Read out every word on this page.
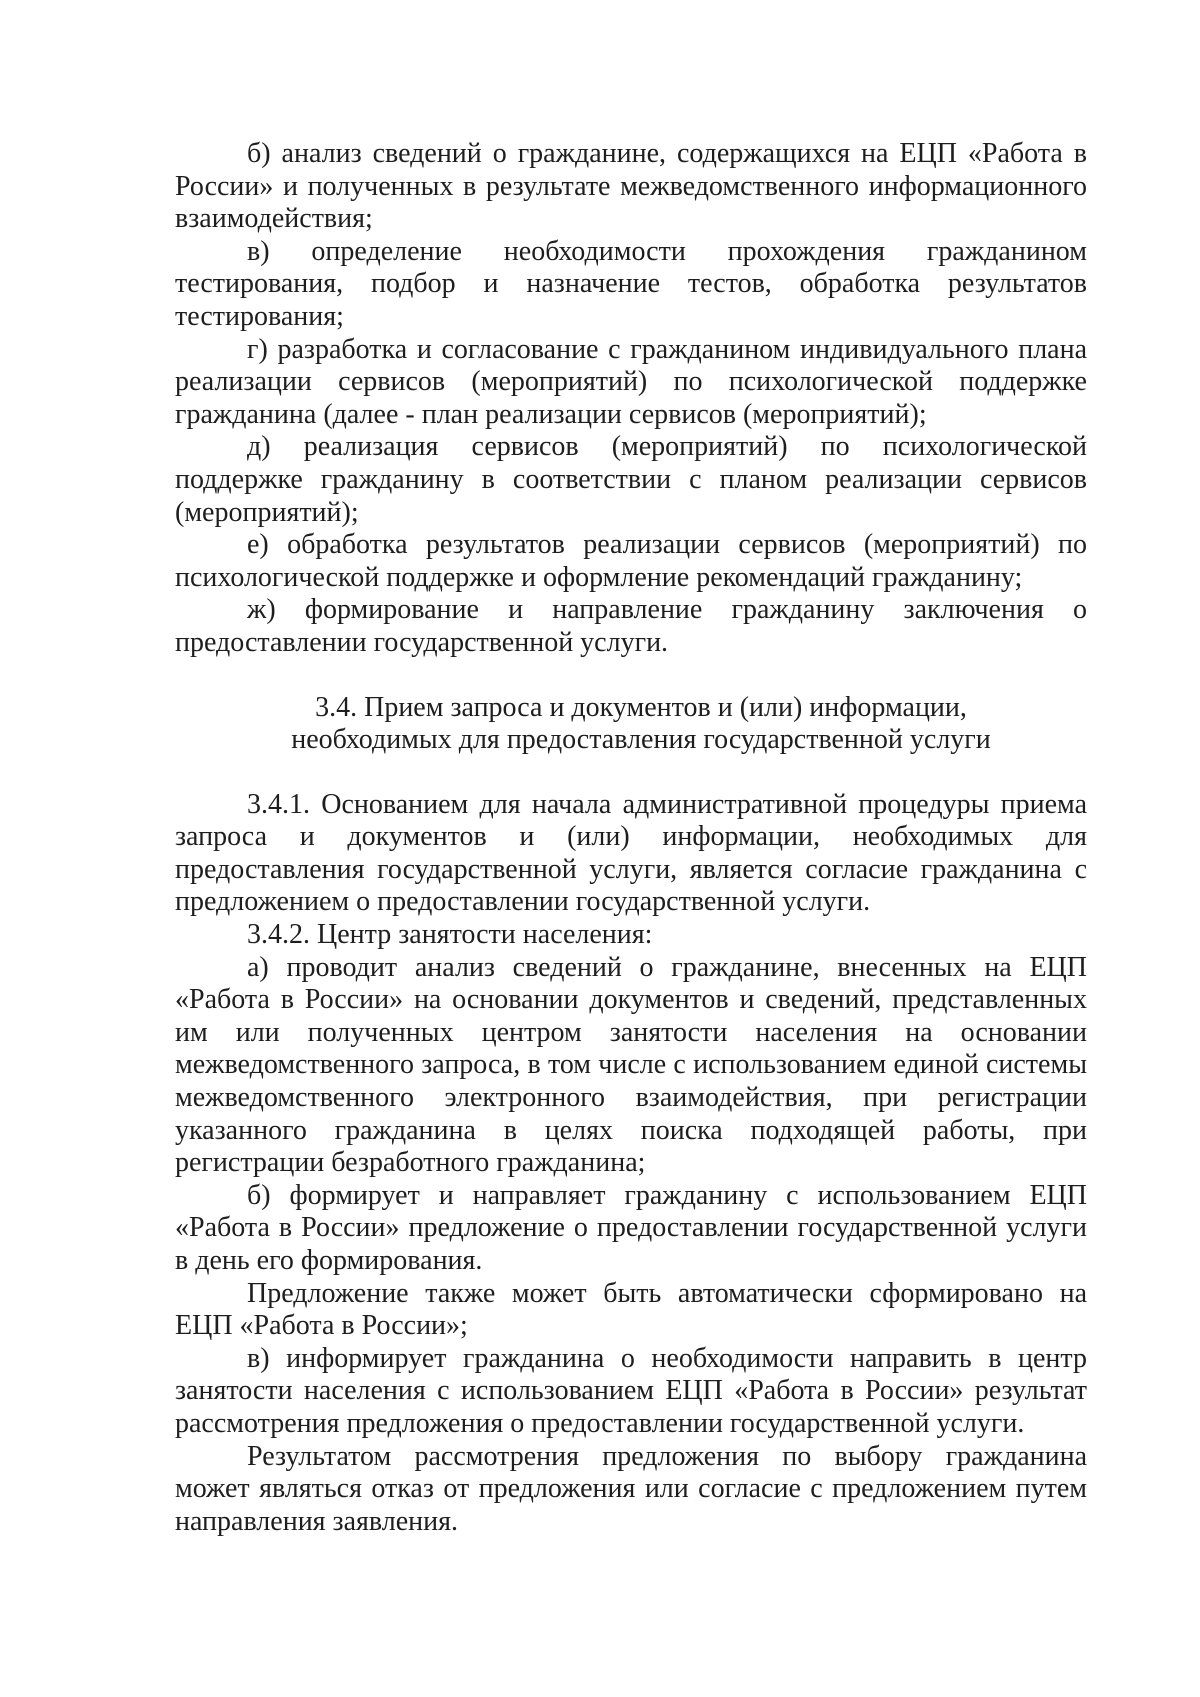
б) анализ сведений о гражданине, содержащихся на ЕЦП «Работа в России» и полученных в результате межведомственного информационного взаимодействия;

в) определение необходимости прохождения гражданином тестирования, подбор и назначение тестов, обработка результатов тестирования;

г) разработка и согласование с гражданином индивидуального плана реализации сервисов (мероприятий) по психологической поддержке гражданина (далее - план реализации сервисов (мероприятий);

д) реализация сервисов (мероприятий) по психологической поддержке гражданину в соответствии с планом реализации сервисов (мероприятий);

е) обработка результатов реализации сервисов (мероприятий) по психологической поддержке и оформление рекомендаций гражданину;

ж) формирование и направление гражданину заключения о предоставлении государственной услуги.

3.4. Прием запроса и документов и (или) информации,
необходимых для предоставления государственной услуги

3.4.1. Основанием для начала административной процедуры приема запроса и документов и (или) информации, необходимых для предоставления государственной услуги, является согласие гражданина с предложением о предоставлении государственной услуги.

3.4.2. Центр занятости населения:

а) проводит анализ сведений о гражданине, внесенных на ЕЦП «Работа в России» на основании документов и сведений, представленных им или полученных центром занятости населения на основании межведомственного запроса, в том числе с использованием единой системы межведомственного электронного взаимодействия, при регистрации указанного гражданина в целях поиска подходящей работы, при регистрации безработного гражданина;

б) формирует и направляет гражданину с использованием ЕЦП «Работа в России» предложение о предоставлении государственной услуги в день его формирования.

Предложение также может быть автоматически сформировано на ЕЦП «Работа в России»;

в) информирует гражданина о необходимости направить в центр занятости населения с использованием ЕЦП «Работа в России» результат рассмотрения предложения о предоставлении государственной услуги.

Результатом рассмотрения предложения по выбору гражданина может являться отказ от предложения или согласие с предложением путем направления заявления.
